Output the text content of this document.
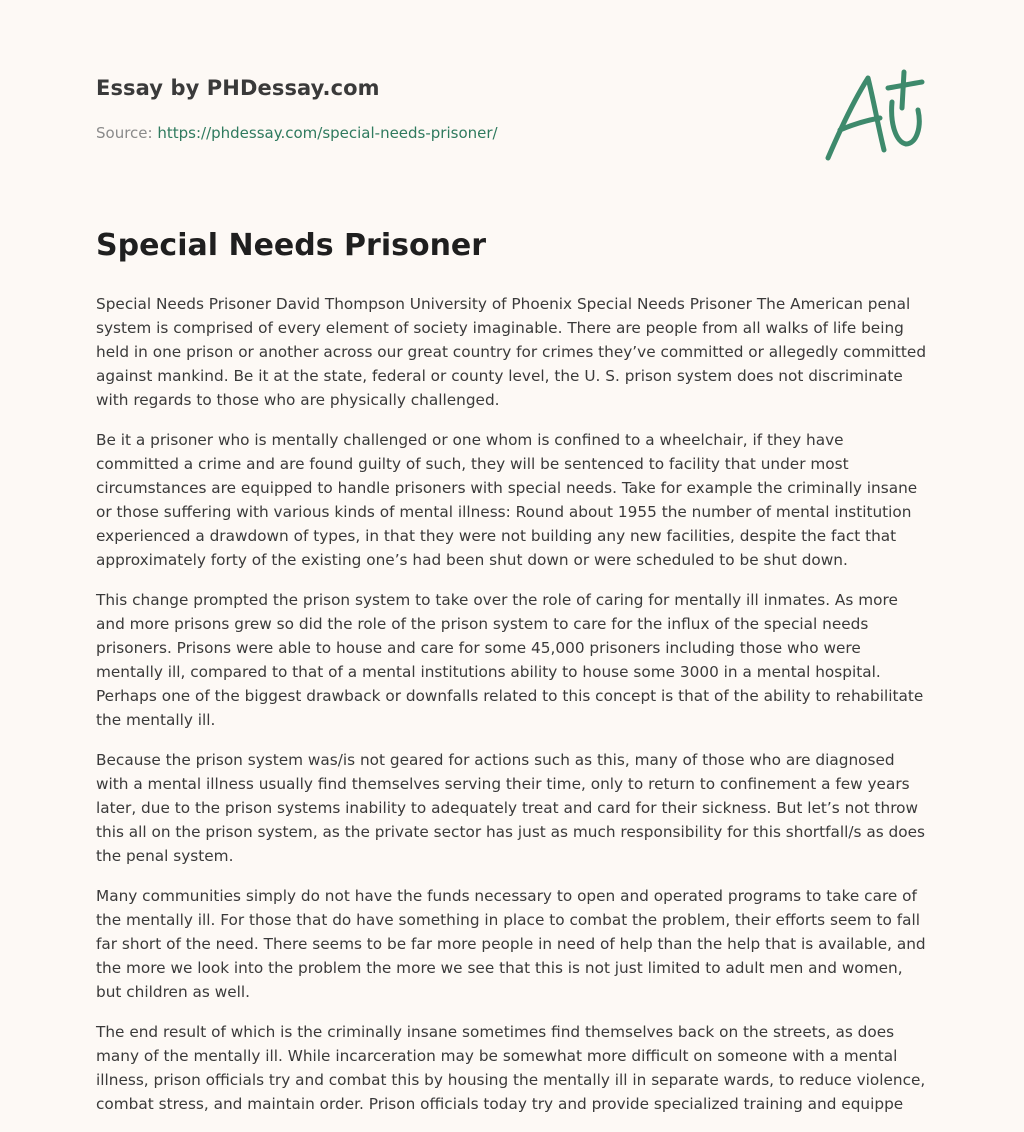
Essay by PHDessay.com
Source: https://phdessay.com/special-needs-prisoner/
Special Needs Prisoner

Special Needs Prisoner David Thompson University of Phoenix Special Needs Prisoner The American penal system is comprised of every element of society imaginable. There are people from all walks of life being held in one prison or another across our great country for crimes they’ve committed or allegedly committed against mankind. Be it at the state, federal or county level, the U. S. prison system does not discriminate with regards to those who are physically challenged.

Be it a prisoner who is mentally challenged or one whom is confined to a wheelchair, if they have committed a crime and are found guilty of such, they will be sentenced to facility that under most circumstances are equipped to handle prisoners with special needs. Take for example the criminally insane or those suffering with various kinds of mental illness: Round about 1955 the number of mental institution experienced a drawdown of types, in that they were not building any new facilities, despite the fact that approximately forty of the existing one’s had been shut down or were scheduled to be shut down.

This change prompted the prison system to take over the role of caring for mentally ill inmates. As more and more prisons grew so did the role of the prison system to care for the influx of the special needs prisoners. Prisons were able to house and care for some 45,000 prisoners including those who were mentally ill, compared to that of a mental institutions ability to house some 3000 in a mental hospital. Perhaps one of the biggest drawback or downfalls related to this concept is that of the ability to rehabilitate the mentally ill.

Because the prison system was/is not geared for actions such as this, many of those who are diagnosed with a mental illness usually find themselves serving their time, only to return to confinement a few years later, due to the prison systems inability to adequately treat and card for their sickness. But let’s not throw this all on the prison system, as the private sector has just as much responsibility for this shortfall/s as does the penal system.

Many communities simply do not have the funds necessary to open and operated programs to take care of the mentally ill. For those that do have something in place to combat the problem, their efforts seem to fall far short of the need. There seems to be far more people in need of help than the help that is available, and the more we look into the problem the more we see that this is not just limited to adult men and women, but children as well.

The end result of which is the criminally insane sometimes find themselves back on the streets, as does many of the mentally ill. While incarceration may be somewhat more difficult on someone with a mental illness, prison officials try and combat this by housing the mentally ill in separate wards, to reduce violence, combat stress, and maintain order. Prison officials today try and provide specialized training and equippe
